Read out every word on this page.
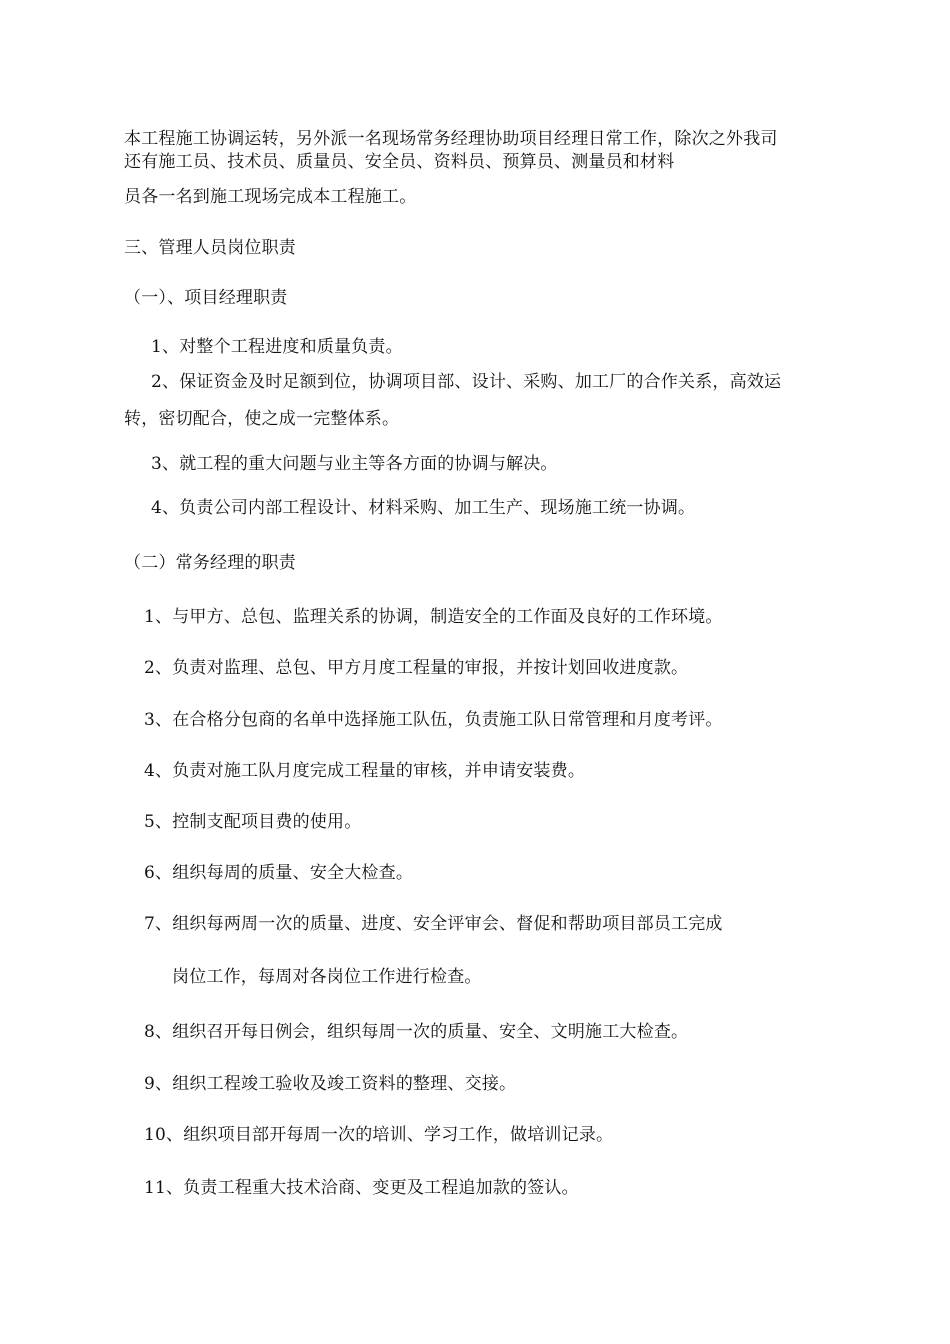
本工程施工协调运转，另外派一名现场常务经理协助项目经理日常工作，除次之外我司
还有施工员、技术员、质量员、安全员、资料员、预算员、测量员和材料
员各一名到施工现场完成本工程施工。
三、管理人员岗位职责
（一）、项目经理职责
1、对整个工程进度和质量负责。
2、保证资金及时足额到位，协调项目部、设计、采购、加工厂的合作关系，高效运
转，密切配合，使之成一完整体系。
3、就工程的重大问题与业主等各方面的协调与解决。
4、负责公司内部工程设计、材料采购、加工生产、现场施工统一协调。
（二）常务经理的职责
1、与甲方、总包、监理关系的协调，制造安全的工作面及良好的工作环境。
2、负责对监理、总包、甲方月度工程量的审报，并按计划回收进度款。
3、在合格分包商的名单中选择施工队伍，负责施工队日常管理和月度考评。
4、负责对施工队月度完成工程量的审核，并申请安装费。
5、控制支配项目费的使用。
6、组织每周的质量、安全大检查。
7、组织每两周一次的质量、进度、安全评审会、督促和帮助项目部员工完成
岗位工作，每周对各岗位工作进行检查。
8、组织召开每日例会，组织每周一次的质量、安全、文明施工大检查。
9、组织工程竣工验收及竣工资料的整理、交接。
10、组织项目部开每周一次的培训、学习工作，做培训记录。
11、负责工程重大技术洽商、变更及工程追加款的签认。
